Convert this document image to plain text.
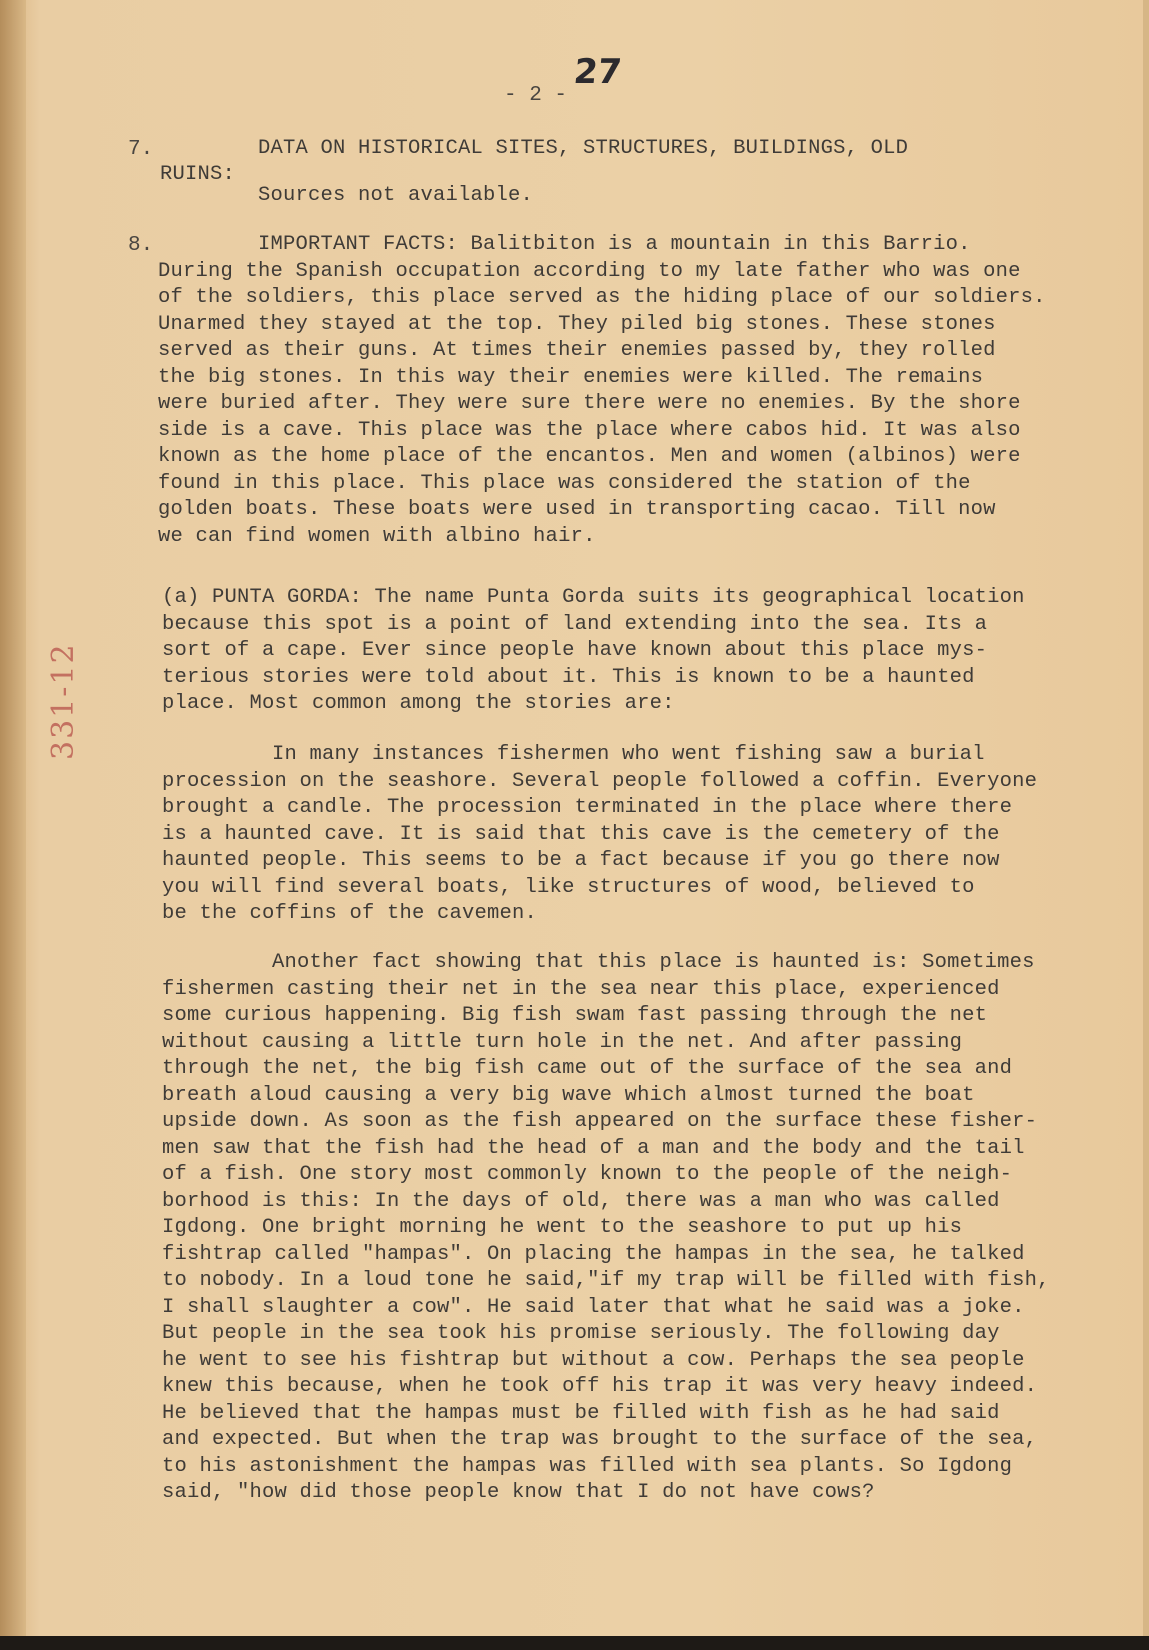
27
- 2 -
331-12
7.	DATA ON HISTORICAL SITES, STRUCTURES, BUILDINGS, OLD
RUINS:
Sources not available.
8.	IMPORTANT FACTS: Balitbiton is a mountain in this Barrio.

During the Spanish occupation according to my late father who was one

of the soldiers, this place served as the hiding place of our soldiers.

Unarmed they stayed at the top. They piled big stones. These stones

served as their guns. At times their enemies passed by, they rolled

the big stones. In this way their enemies were killed. The remains

were buried after. They were sure there were no enemies. By the shore

side is a cave. This place was the place where cabos hid. It was also

known as the home place of the encantos. Men and women (albinos) were

found in this place. This place was considered the station of the

golden boats. These boats were used in transporting cacao. Till now

we can find women with albino hair.

(a) PUNTA GORDA: The name Punta Gorda suits its geographical location

because this spot is a point of land extending into the sea. Its a

sort of a cape. Ever since people have known about this place mys-

terious stories were told about it. This is known to be a haunted

place. Most common among the stories are:

In many instances fishermen who went fishing saw a burial

procession on the seashore. Several people followed a coffin. Everyone

brought a candle. The procession terminated in the place where there

is a haunted cave. It is said that this cave is the cemetery of the

haunted people. This seems to be a fact because if you go there now

you will find several boats, like structures of wood, believed to

be the coffins of the cavemen.

Another fact showing that this place is haunted is: Sometimes

fishermen casting their net in the sea near this place, experienced

some curious happening. Big fish swam fast passing through the net

without causing a little turn hole in the net. And after passing

through the net, the big fish came out of the surface of the sea and

breath aloud causing a very big wave which almost turned the boat

upside down. As soon as the fish appeared on the surface these fisher-

men saw that the fish had the head of a man and the body and the tail

of a fish. One story most commonly known to the people of the neigh-

borhood is this: In the days of old, there was a man who was called

Igdong. One bright morning he went to the seashore to put up his

fishtrap called "hampas". On placing the hampas in the sea, he talked

to nobody. In a loud tone he said,"if my trap will be filled with fish,

I shall slaughter a cow". He said later that what he said was a joke.

But people in the sea took his promise seriously. The following day

he went to see his fishtrap but without a cow. Perhaps the sea people

knew this because, when he took off his trap it was very heavy indeed.

He believed that the hampas must be filled with fish as he had said

and expected. But when the trap was brought to the surface of the sea,

to his astonishment the hampas was filled with sea plants. So Igdong

said, "how did those people know that I do not have cows?
